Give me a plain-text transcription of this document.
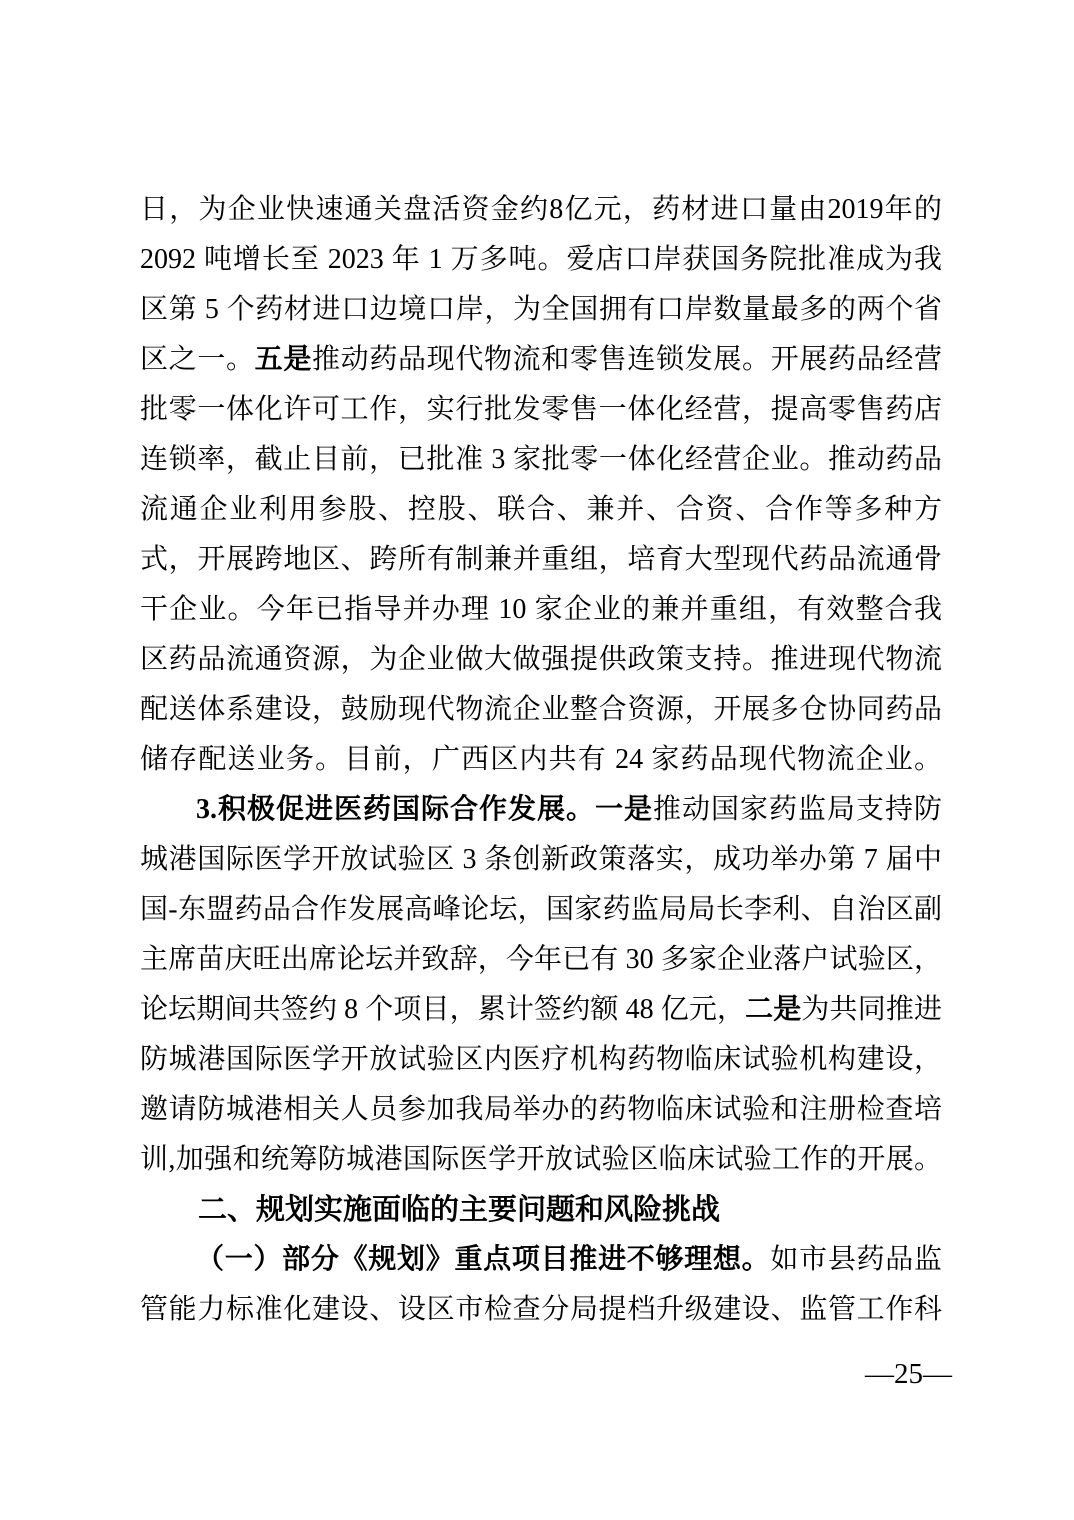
日，为企业快速通关盘活资金约8亿元，药材进口量由2019年的
2092 吨增长至 2023 年 1 万多吨。爱店口岸获国务院批准成为我
区第 5 个药材进口边境口岸，为全国拥有口岸数量最多的两个省
区之一。五是推动药品现代物流和零售连锁发展。开展药品经营
批零一体化许可工作，实行批发零售一体化经营，提高零售药店
连锁率，截止目前，已批准 3 家批零一体化经营企业。推动药品
流通企业利用参股、控股、联合、兼并、合资、合作等多种方
式，开展跨地区、跨所有制兼并重组，培育大型现代药品流通骨
干企业。今年已指导并办理 10 家企业的兼并重组，有效整合我
区药品流通资源，为企业做大做强提供政策支持。推进现代物流
配送体系建设，鼓励现代物流企业整合资源，开展多仓协同药品
储存配送业务。目前，广西区内共有 24 家药品现代物流企业。
3.积极促进医药国际合作发展。一是推动国家药监局支持防
城港国际医学开放试验区 3 条创新政策落实，成功举办第 7 届中
国-东盟药品合作发展高峰论坛，国家药监局局长李利、自治区副
主席苗庆旺出席论坛并致辞，今年已有 30 多家企业落户试验区，
论坛期间共签约 8 个项目，累计签约额 48 亿元，二是为共同推进
防城港国际医学开放试验区内医疗机构药物临床试验机构建设，
邀请防城港相关人员参加我局举办的药物临床试验和注册检查培
训,加强和统筹防城港国际医学开放试验区临床试验工作的开展。
二、规划实施面临的主要问题和风险挑战
（一）部分《规划》重点项目推进不够理想。如市县药品监
管能力标准化建设、设区市检查分局提档升级建设、监管工作科
—25—
